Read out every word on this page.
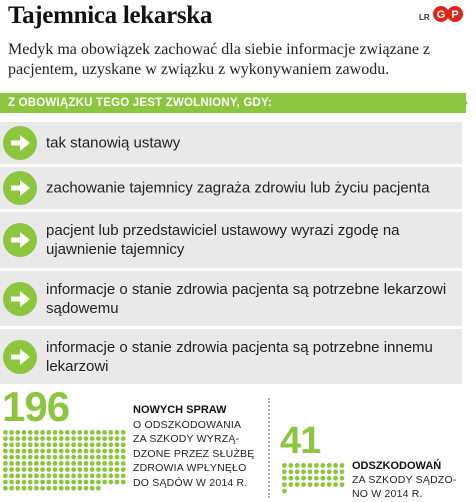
Tajemnica lekarska	LR G P
Medyk ma obowiązek zachować dla siebie informacje związane z pacjentem, uzyskane w związku z wykonywaniem zawodu.
Z OBOWIĄZKU TEGO JEST ZWOLNIONY, GDY:
tak stanowią ustawy
zachowanie tajemnicy zagraża zdrowiu lub życiu pacjenta
pacjent lub przedstawiciel ustawowy wyrazi zgodę na ujawnienie tajemnicy
informacje o stanie zdrowia pacjenta są potrzebne lekarzowi sądowemu
informacje o stanie zdrowia pacjenta są potrzebne innemu lekarzowi
196	NOWYCH SPRAW
O ODSZKODOWANIA
ZA SZKODY WYRZĄ-
DZONE PRZEZ SŁUŻBĘ
ZDROWIA WPŁYNĘŁO
DO SĄDÓW W 2014 R.
41
ODSZKODOWAŃ
ZA SZKODY SĄDZO-
NO W 2014 R.
